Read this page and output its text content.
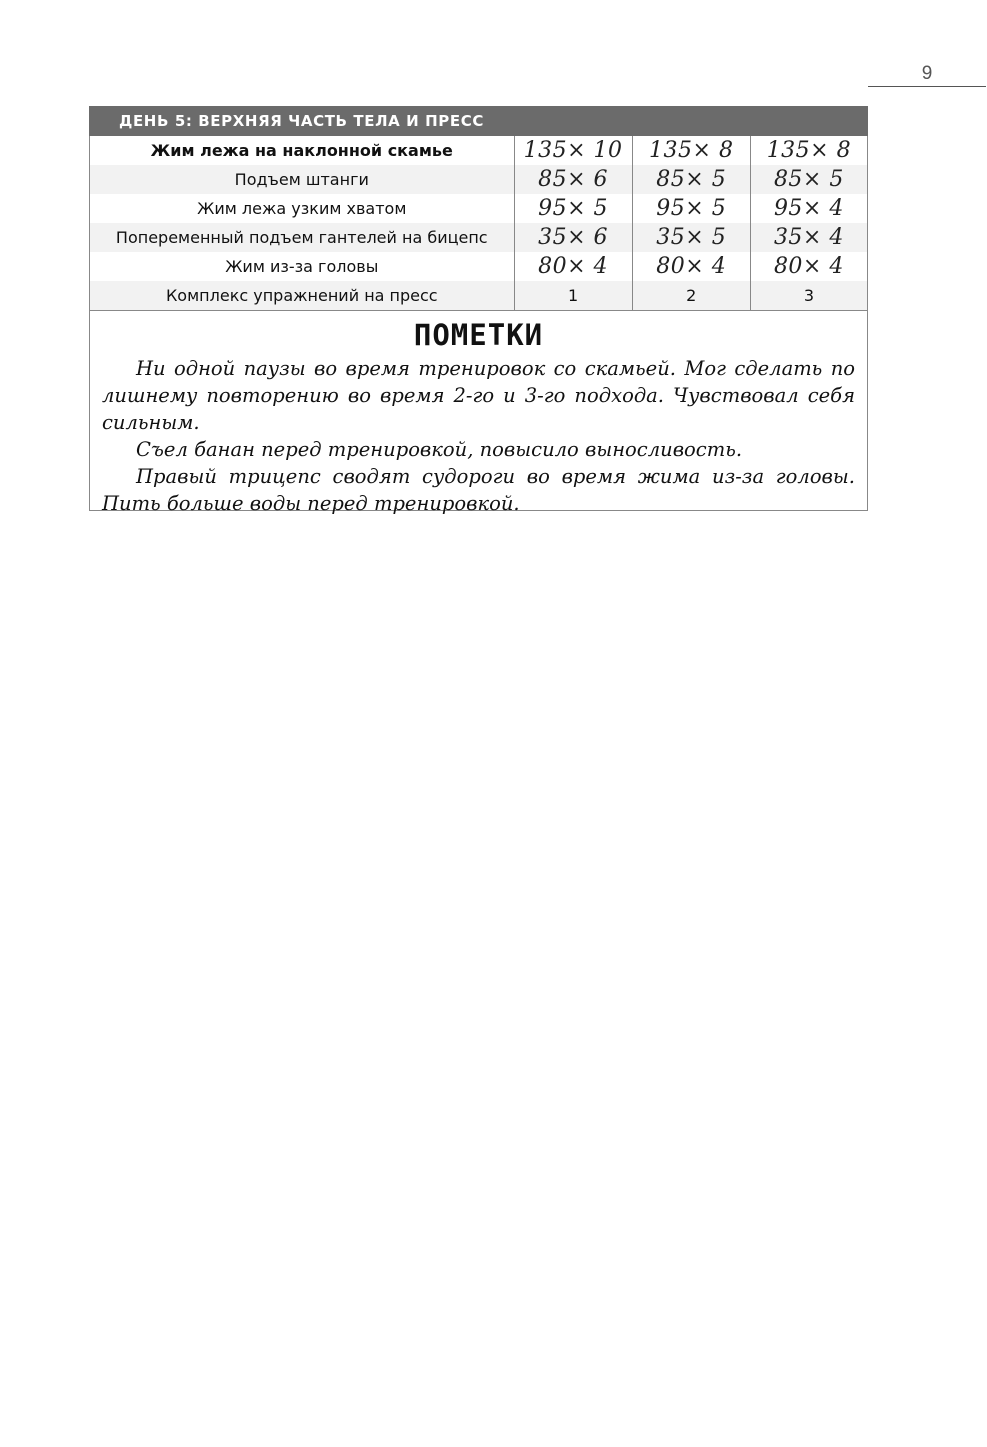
9
ДЕНЬ 5: ВЕРХНЯЯ ЧАСТЬ ТЕЛА И ПРЕСС
Жим лежа на наклонной скамье	135× 10	135× 8	135× 8
Подъем штанги	85× 6	85× 5	85× 5
Жим лежа узким хватом	95× 5	95× 5	95× 4
Попеременный подъем гантелей на бицепс	35× 6	35× 5	35× 4
Жим из-за головы	80× 4	80× 4	80× 4
Комплекс упражнений на пресс	1	2	3
ПОМЕТКИ

Ни одной паузы во время тренировок со скамьей. Мог сделать по лишнему повторению во время 2-го и 3-го подхода. Чувствовал себя сильным.

Съел банан перед тренировкой, повысило выносливость.

Правый трицепс сводят судороги во время жима из-за головы. Пить больше воды перед тренировкой.
